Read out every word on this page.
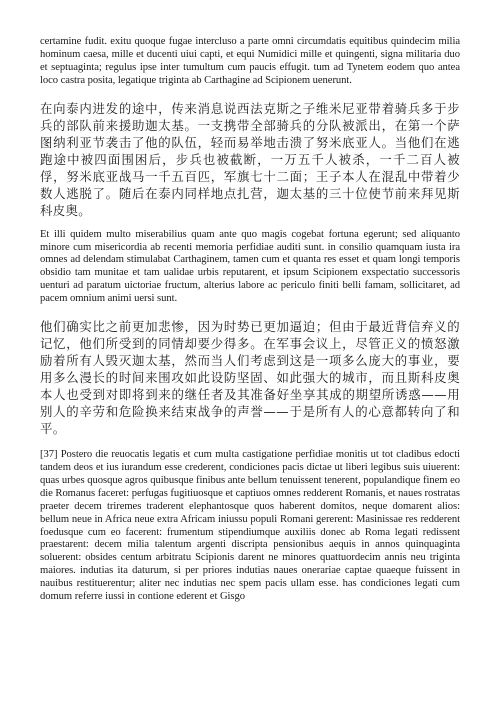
certamine fudit. exitu quoque fugae intercluso a parte omni circumdatis equitibus quindecim milia hominum caesa, mille et ducenti uiui capti, et equi Numidici mille et quingenti, signa militaria duo et septuaginta; regulus ipse inter tumultum cum paucis effugit. tum ad Tynetem eodem quo antea loco castra posita, legatique triginta ab Carthagine ad Scipionem uenerunt.

在向泰内进发的途中，传来消息说西法克斯之子维米尼亚带着骑兵多于步兵的部队前来援助迦太基。一支携带全部骑兵的分队被派出，在第一个萨图纳利亚节袭击了他的队伍，轻而易举地击溃了努米底亚人。当他们在逃跑途中被四面围困后，步兵也被截断，一万五千人被杀，一千二百人被俘，努米底亚战马一千五百匹，军旗七十二面；王子本人在混乱中带着少数人逃脱了。随后在泰内同样地点扎营，迦太基的三十位使节前来拜见斯科皮奥。

Et illi quidem multo miserabilius quam ante quo magis cogebat fortuna egerunt; sed aliquanto minore cum misericordia ab recenti memoria perfidiae auditi sunt. in consilio quamquam iusta ira omnes ad delendam stimulabat Carthaginem, tamen cum et quanta res esset et quam longi temporis obsidio tam munitae et tam ualidae urbis reputarent, et ipsum Scipionem exspectatio successoris uenturi ad paratum uictoriae fructum, alterius labore ac periculo finiti belli famam, sollicitaret, ad pacem omnium animi uersi sunt.

他们确实比之前更加悲惨，因为时势已更加逼迫；但由于最近背信弃义的记忆，他们所受到的同情却要少得多。在军事会议上，尽管正义的愤怒激励着所有人毁灭迦太基，然而当人们考虑到这是一项多么庞大的事业，要用多么漫长的时间来围攻如此设防坚固、如此强大的城市，而且斯科皮奥本人也受到对即将到来的继任者及其准备好坐享其成的期望所诱惑——用别人的辛劳和危险换来结束战争的声誉——于是所有人的心意都转向了和平。

[37] Postero die reuocatis legatis et cum multa castigatione perfidiae monitis ut tot cladibus edocti tandem deos et ius iurandum esse crederent, condiciones pacis dictae ut liberi legibus suis uiuerent: quas urbes quosque agros quibusque finibus ante bellum tenuissent tenerent, populandique finem eo die Romanus faceret: perfugas fugitiuosque et captiuos omnes redderent Romanis, et naues rostratas praeter decem triremes traderent elephantosque quos haberent domitos, neque domarent alios: bellum neue in Africa neue extra Africam iniussu populi Romani gererent: Masinissae res redderent foedusque cum eo facerent: frumentum stipendiumque auxiliis donec ab Roma legati redissent praestarent: decem milia talentum argenti discripta pensionibus aequis in annos quinquaginta soluerent: obsides centum arbitratu Scipionis darent ne minores quattuordecim annis neu triginta maiores. indutias ita daturum, si per priores indutias naues onerariae captae quaeque fuissent in nauibus restituerentur; aliter nec indutias nec spem pacis ullam esse. has condiciones legati cum domum referre iussi in contione ederent et Gisgo
